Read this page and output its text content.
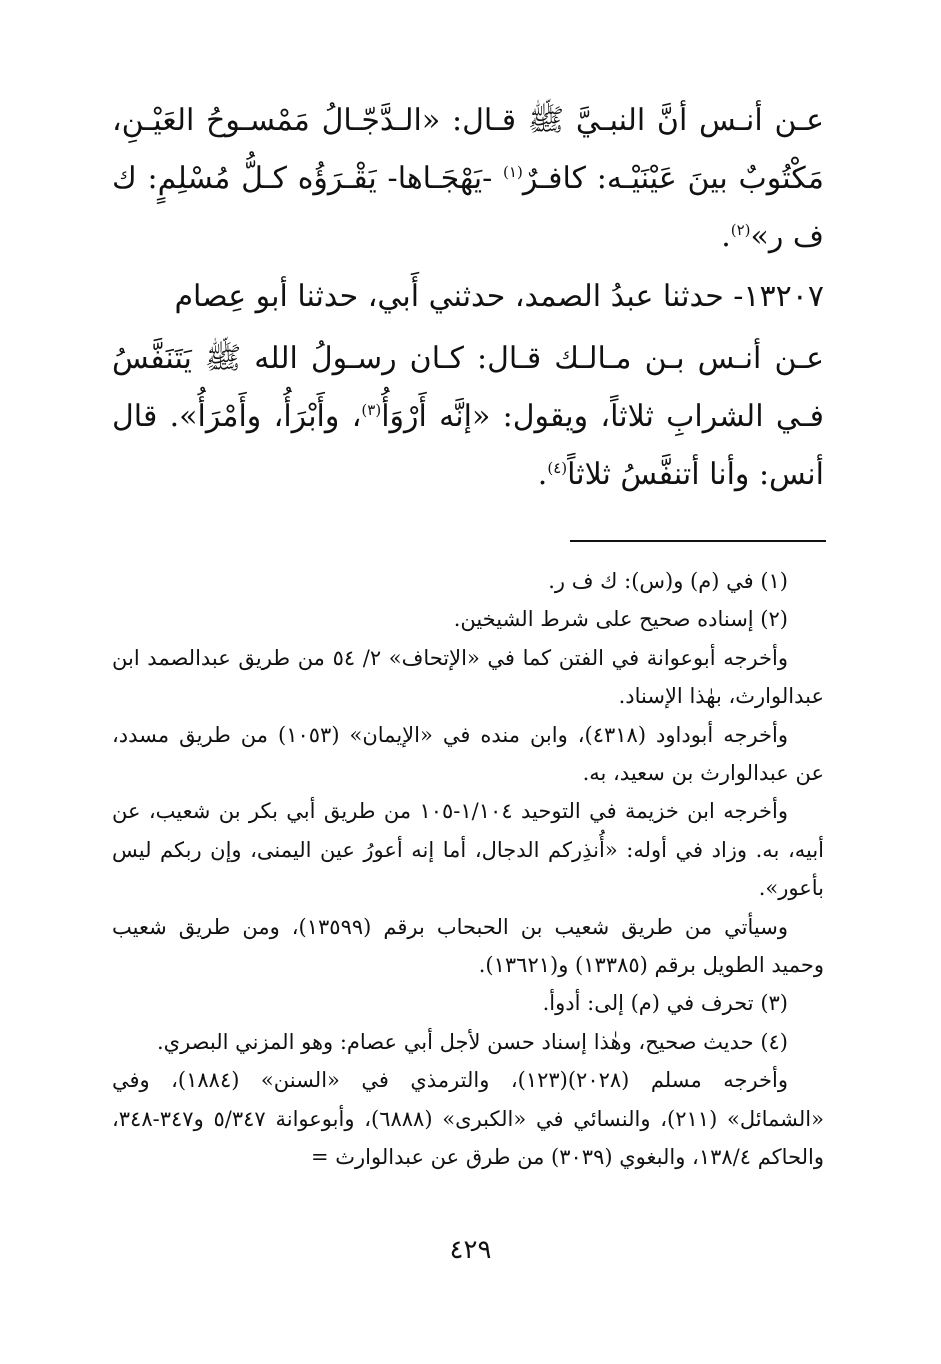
عـن أنـس أنَّ النبـيَّ ﷺ قـال: «الـدَّجّـالُ مَمْسـوحُ العَيْـنِ، مَكْتُوبٌ بينَ عَيْنَيْـه: كافـرٌ$^{(١)}$ -يَهْجَـاها- يَقْـرَؤُه كـلُّ مُسْلِمٍ: ك ف ر»$^{(٢)}$.

١٣٢٠٧- حدثنا عبدُ الصمد، حدثني أَبي، حدثنا أبو عِصام

عـن أنـس بـن مـالـك قـال: كـان رسـولُ الله ﷺ يَتَنَفَّسُ فـي الشرابِ ثلاثاً، ويقول: «إنَّه أَرْوَأُ$^{(٣)}$، وأَبْرَأُ، وأَمْرَأُ». قال أنس: وأنا أتنفَّسُ ثلاثاً$^{(٤)}$.

(١) في (م) و(س): ك ف ر.

(٢) إسناده صحيح على شرط الشيخين.

وأخرجه أبوعوانة في الفتن كما في «الإتحاف» ٢/ ٥٤ من طريق عبدالصمد ابن عبدالوارث، بهٰذا الإسناد.

وأخرجه أبوداود (٤٣١٨)، وابن منده في «الإيمان» (١٠٥٣) من طريق مسدد، عن عبدالوارث بن سعيد، به.

وأخرجه ابن خزيمة في التوحيد ١/١٠٤-١٠٥ من طريق أبي بكر بن شعيب، عن أبيه، به. وزاد في أوله: «أُنذِركم الدجال، أما إنه أعورُ عين اليمنى، وإن ربكم ليس بأعور».

وسيأتي من طريق شعيب بن الحبحاب برقم (١٣٥٩٩)، ومن طريق شعيب وحميد الطويل برقم (١٣٣٨٥) و(١٣٦٢١).

(٣) تحرف في (م) إلى: أدوأ.

(٤) حديث صحيح، وهٰذا إسناد حسن لأجل أبي عصام: وهو المزني البصري.

وأخرجه مسلم (٢٠٢٨)(١٢٣)، والترمذي في «السنن» (١٨٨٤)، وفي «الشمائل» (٢١١)، والنسائي في «الكبرى» (٦٨٨٨)، وأبوعوانة ٥/٣٤٧ و٣٤٧-٣٤٨، والحاكم ١٣٨/٤، والبغوي (٣٠٣٩) من طرق عن عبدالوارث =

٤٢٩
